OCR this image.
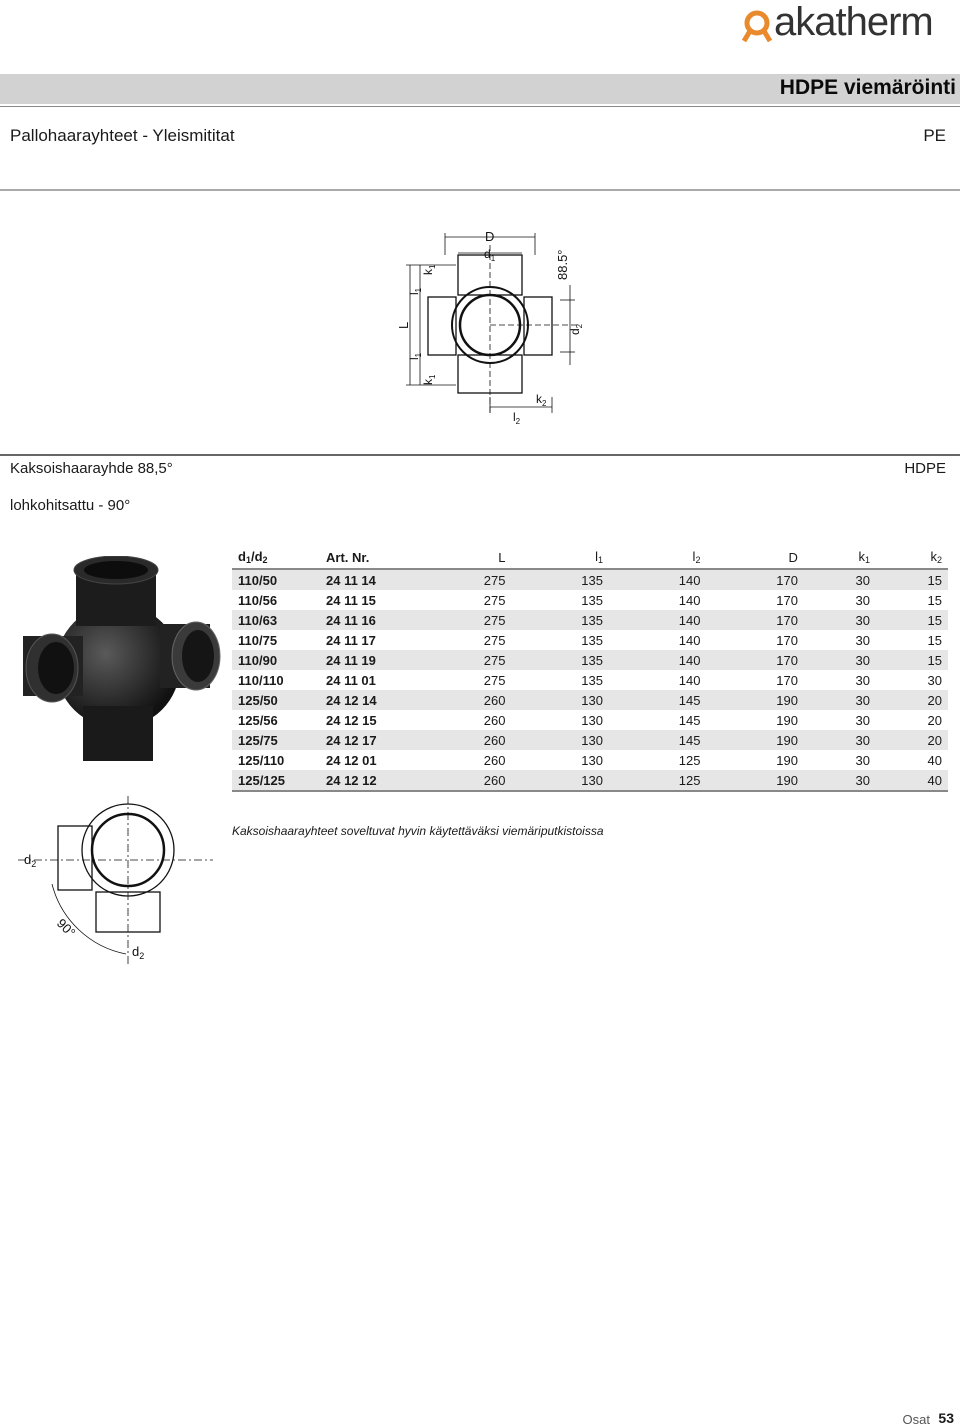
akatherm
HDPE viemäröinti
Pallohaarayhteet - Yleismititat	PE
D
$d_1$	88.5°
$d_2$
L
$l_1$
$k_1$
$l_1$
$k_1$
$l_2$
$k_2$
Kaksoishaarayhde 88,5°	HDPE
lohkohitsattu - 90°
$d_1/d_2$	Art. Nr.	L	$l_1$	$l_2$	D	$k_1$	$k_2$
110/50	24 11 14	275	135	140	170	30	15
110/56	24 11 15	275	135	140	170	30	15
110/63	24 11 16	275	135	140	170	30	15
110/75	24 11 17	275	135	140	170	30	15
110/90	24 11 19	275	135	140	170	30	15
110/110	24 11 01	275	135	140	170	30	30
125/50	24 12 14	260	130	145	190	30	20
125/56	24 12 15	260	130	145	190	30	20
125/75	24 12 17	260	130	145	190	30	20
125/110	24 12 01	260	130	125	190	30	40
125/125	24 12 12	260	130	125	190	30	40
$d_2$
90°
$d_2$
Kaksoishaarayhteet soveltuvat hyvin käytettäväksi viemäriputkistoissa
Osat 53
